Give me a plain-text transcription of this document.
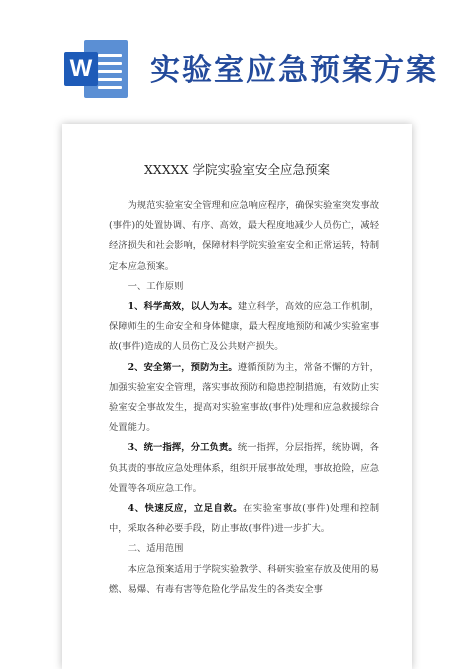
W 实验室应急预案方案
XXXXX 学院实验室安全应急预案

为规范实验室安全管理和应急响应程序，确保实验室突发事故(事件)的处置协调、有序、高效，最大程度地减少人员伤亡，减轻经济损失和社会影响，保障材料学院实验室安全和正常运转，特制定本应急预案。

一、工作原则

1、科学高效，以人为本。建立科学，高效的应急工作机制，保障师生的生命安全和身体健康，最大程度地预防和减少实验室事故(事件)造成的人员伤亡及公共财产损失。

2、安全第一，预防为主。遵循预防为主，常备不懈的方针，加强实验室安全管理，落实事故预防和隐患控制措施，有效防止实验室安全事故发生，提高对实验室事故(事件)处理和应急救援综合处置能力。

3、统一指挥，分工负责。统一指挥，分层指挥，统协调，各负其责的事故应急处理体系，组织开展事故处理，事故抢险，应急处置等各项应急工作。

4、快速反应，立足自救。在实验室事故(事件)处理和控制中，采取各种必要手段，防止事故(事件)进一步扩大。

二、适用范围

本应急预案适用于学院实验教学、科研实验室存放及使用的易燃、易爆、有毒有害等危险化学品发生的各类安全事
